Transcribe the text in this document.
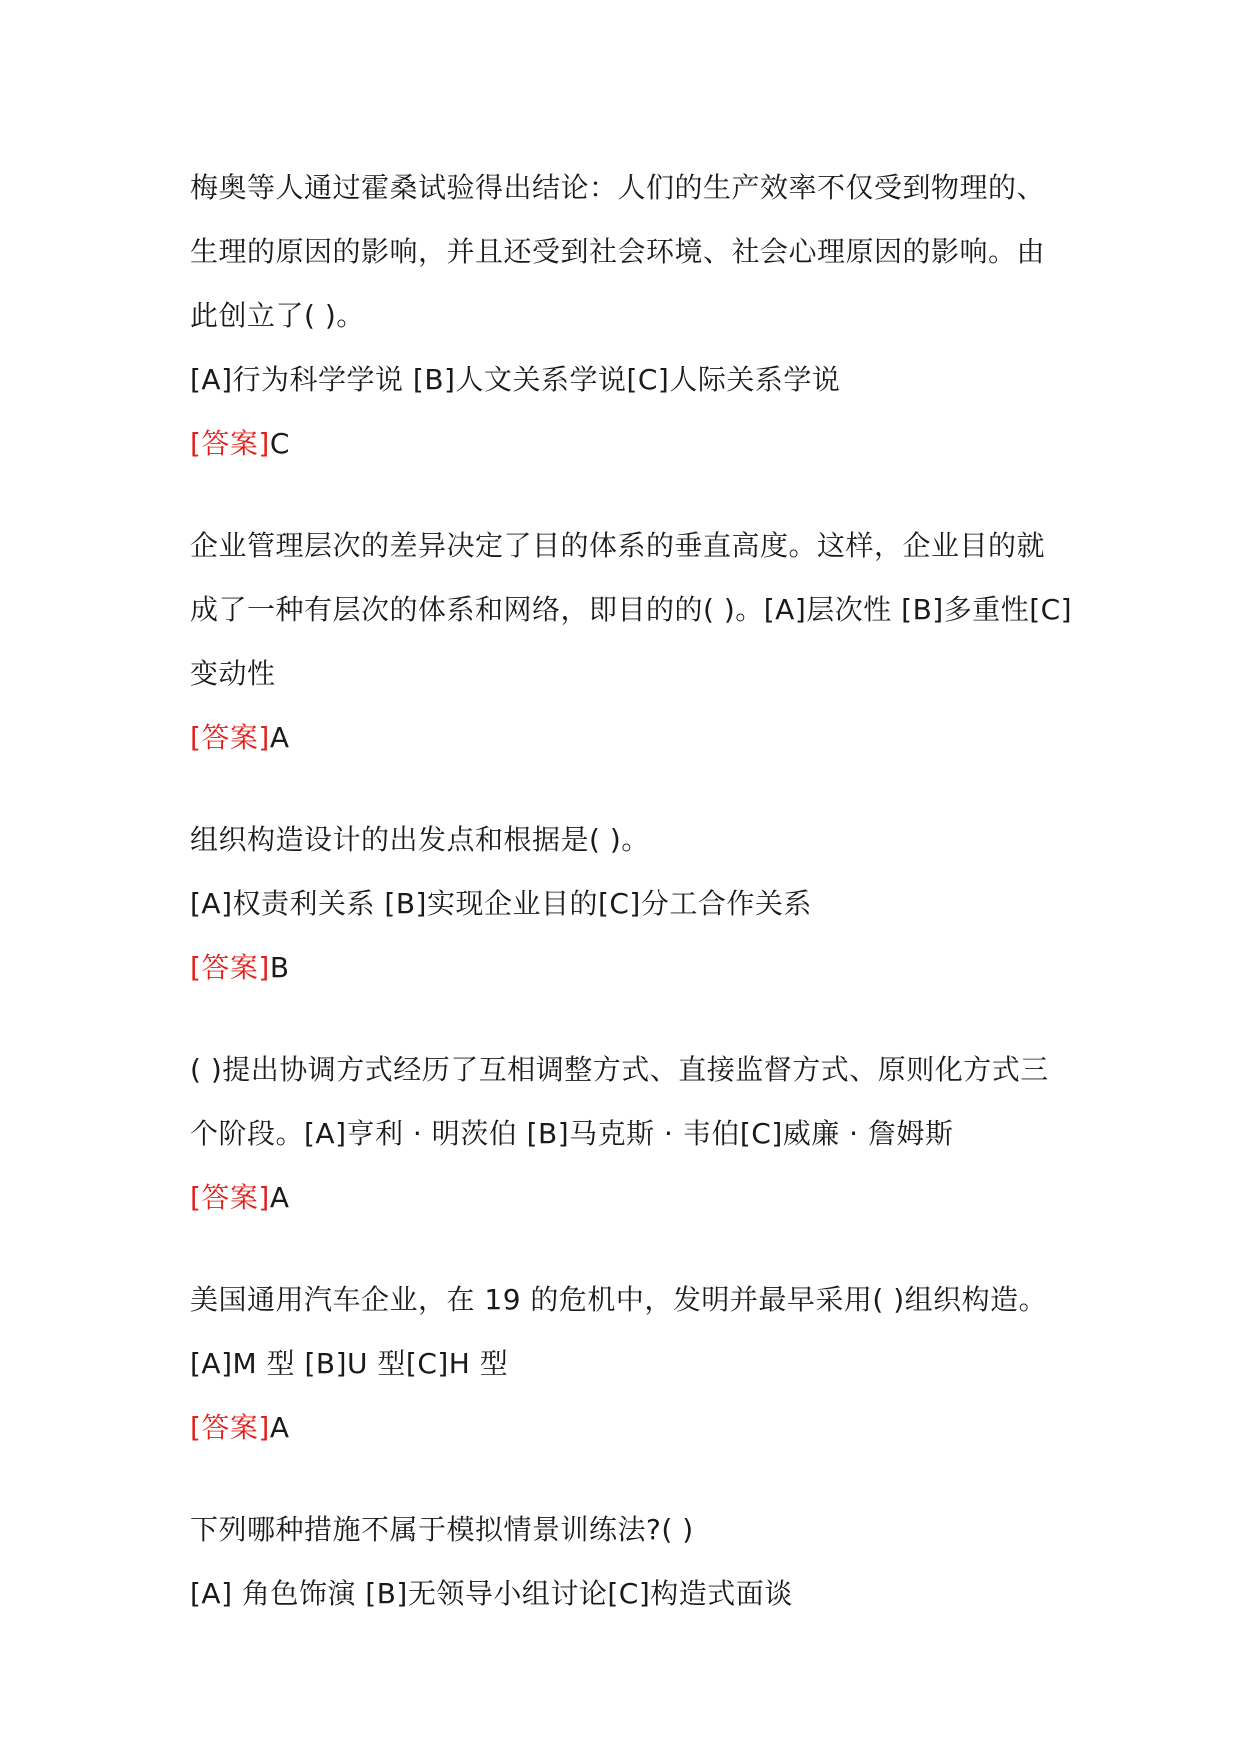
梅奥等人通过霍桑试验得出结论：人们的生产效率不仅受到物理的、
生理的原因的影响，并且还受到社会环境、社会心理原因的影响。由
此创立了( )。
[A]行为科学学说 [B]人文关系学说[C]人际关系学说
[答案]C
企业管理层次的差异决定了目的体系的垂直高度。这样，企业目的就
成了一种有层次的体系和网络，即目的的( )。[A]层次性 [B]多重性[C]
变动性
[答案]A
组织构造设计的出发点和根据是( )。
[A]权责利关系 [B]实现企业目的[C]分工合作关系
[答案]B
( )提出协调方式经历了互相调整方式、直接监督方式、原则化方式三
个阶段。[A]亨利 · 明茨伯 [B]马克斯 · 韦伯[C]威廉 · 詹姆斯
[答案]A
美国通用汽车企业，在 19 的危机中，发明并最早采用( )组织构造。
[A]M 型 [B]U 型[C]H 型
[答案]A
下列哪种措施不属于模拟情景训练法?( )
[A] 角色饰演 [B]无领导小组讨论[C]构造式面谈
